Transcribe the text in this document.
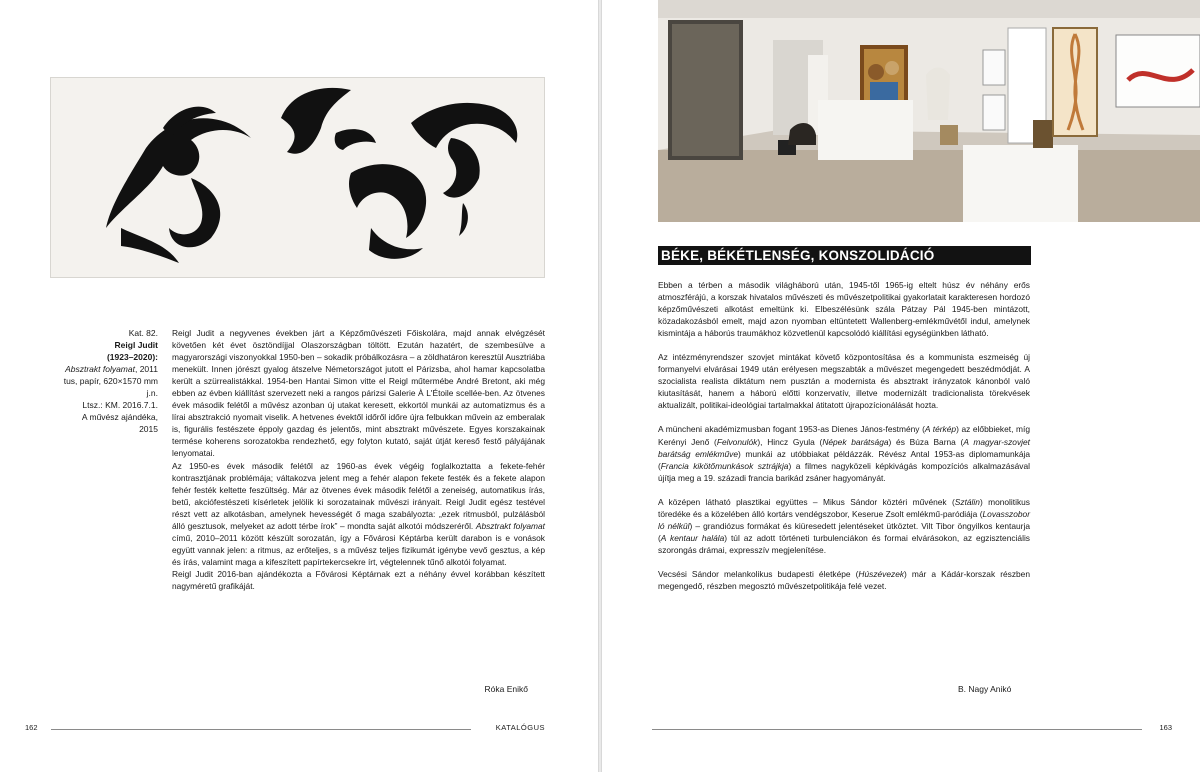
Kat. 82.
Reigl Judit
(1923–2020):
Absztrakt folyamat, 2011
tus, papír, 620×1570 mm
j.n.
Ltsz.: KM. 2016.7.1.
A művész ajándéka,
2015

Reigl Judit a negyvenes években járt a Képzőművészeti Főiskolára, majd annak elvégzését követően két évet ösztöndíjjal Olaszországban töltött. Ezután hazatért, de szembesülve a magyarországi viszonyokkal 1950-ben – sokadik próbálkozásra – a zöldhatáron keresztül Ausztriába menekült. Innen jórészt gyalog átszelve Németországot jutott el Párizsba, ahol hamar kapcsolatba került a szürrealistákkal. 1954-ben Hantai Simon vitte el Reigl műtermébe André Bretont, aki még ebben az évben kiállítást szervezett neki a rangos párizsi Galerie À L'Étoile scellée-ben. Az ötvenes évek második felétől a művész azonban új utakat keresett, ekkortól munkái az automatizmus és a lírai absztrakció nyomait viselik. A hetvenes évektől időről időre újra felbukkan művein az emberalak is, figurális festészete éppoly gazdag és jelentős, mint absztrakt művészete. Egyes korszakainak termése koherens sorozatokba rendezhető, egy folyton kutató, saját útját kereső festő pályájának lenyomatai.

Az 1950-es évek második felétől az 1960-as évek végéig foglalkoztatta a fekete-fehér kontrasztjának problémája; váltakozva jelent meg a fehér alapon fekete festék és a fekete alapon fehér festék keltette feszültség. Már az ötvenes évek második felétől a zeneiség, automatikus írás, betű, akciófestészeti kísérletek jelölik ki sorozatainak művészi irányait. Reigl Judit egész testével részt vett az alkotásban, amelynek hevességét ő maga szabályozta: „ezek ritmusból, pulzálásból álló gesztusok, melyeket az adott térbe írok” – mondta saját alkotói módszeréről. Absztrakt folyamat című, 2010–2011 között készült sorozatán, így a Fővárosi Képtárba került darabon is e vonások együtt vannak jelen: a ritmus, az erőteljes, s a művész teljes fizikumát igénybe vevő gesztus, a kép és írás, valamint maga a kifeszített papírtekercsekre írt, végtelennek tűnő alkotói folyamat.

Reigl Judit 2016-ban ajándékozta a Fővárosi Képtárnak ezt a néhány évvel korábban készített nagyméretű grafikáját.

Róka Enikő
162	KATALÓGUS
BÉKE, BÉKÉTLENSÉG, KONSZOLIDÁCIÓ

Ebben a térben a második világháború után, 1945-től 1965-ig eltelt húsz év néhány erős atmoszférájú, a korszak hivatalos művészeti és művészetpolitikai gyakorlatait karakteresen hordozó képzőművészeti alkotást emeltünk ki. Elbeszélésünk szála Pátzay Pál 1945-ben mintázott, közadakozásból emelt, majd azon nyomban eltüntetett Wallenberg-emlékművétől indul, amelynek kismintája a háborús traumákhoz közvetlenül kapcsolódó kiállítási egységünkben látható.

Az intézményrendszer szovjet mintákat követő központosítása és a kommunista eszmeiség új formanyelvi elvárásai 1949 után erélyesen megszabták a művészet megengedett beszédmódját. A szocialista realista diktátum nem pusztán a modernista és absztrakt irányzatok kánonból való kiutasítását, hanem a háború előtti konzervatív, illetve modernizált tradicionalista törekvések aktualizált, politikai-ideológiai tartalmakkal átitatott újrapozícionálását hozta.

A müncheni akadémizmusban fogant 1953-as Dienes János-festmény (A térkép) az előbbieket, míg Kerényi Jenő (Felvonulók), Hincz Gyula (Népek barátsága) és Búza Barna (A magyar-szovjet barátság emlékműve) munkái az utóbbiakat példázzák. Révész Antal 1953-as diplomamunkája (Francia kikötőmunkások sztrájkja) a filmes nagyközeli képkivágás kompozíciós alkalmazásával újítja meg a 19. századi francia barikád zsáner hagyományát.

A középen látható plasztikai együttes – Mikus Sándor köztéri művének (Sztálin) monolitikus töredéke és a közelében álló kortárs vendégszobor, Keserue Zsolt emlékmű-paródiája (Lovasszobor ló nélkül) – grandiózus formákat és kiüresedett jelentéseket ütköztet. Vilt Tibor öngyilkos kentaurja (A kentaur halála) túl az adott történeti turbulenciákon és formai elvárásokon, az egzisztenciális szorongás drámai, expresszív megjelenítése.

Vecsési Sándor melankolikus budapesti életképe (Húszévezek) már a Kádár-korszak részben megengedő, részben megosztó művészetpolitikája felé vezet.

B. Nagy Anikó
163
